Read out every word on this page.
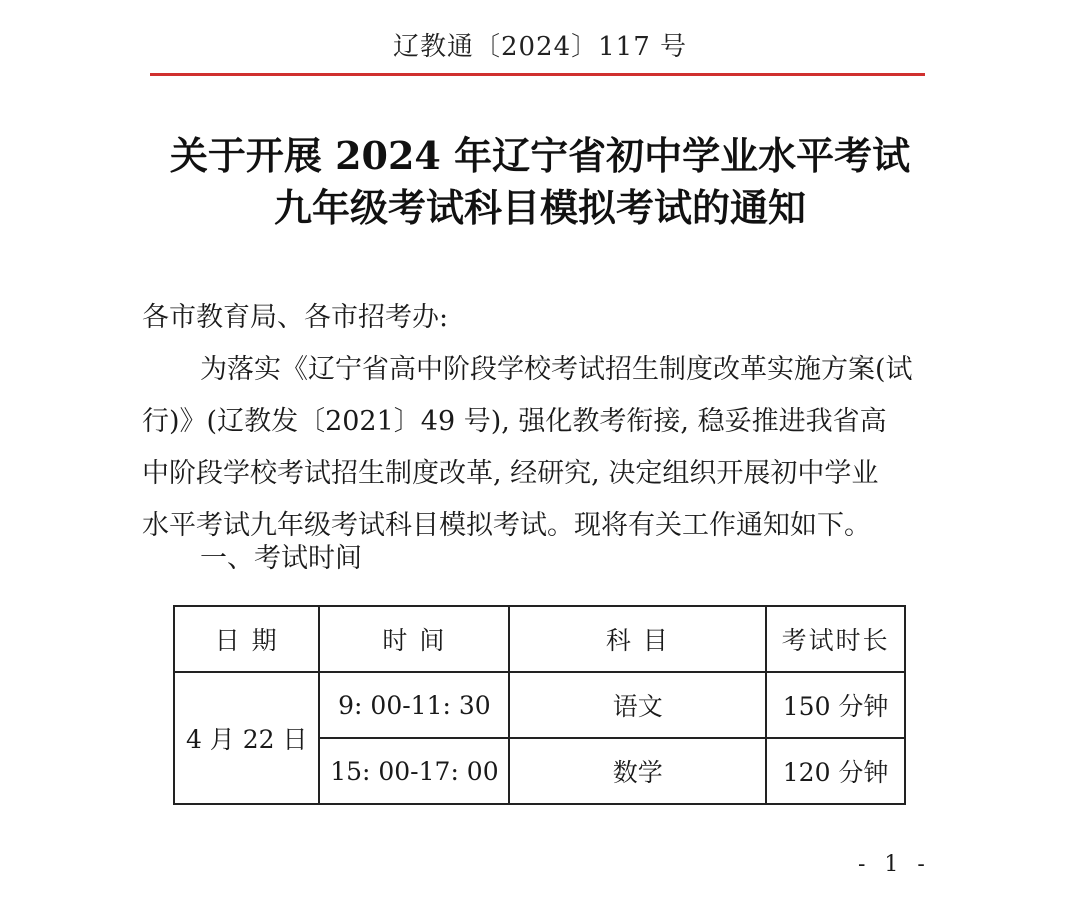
辽教通〔2024〕117 号
关于开展 2024 年辽宁省初中学业水平考试
九年级考试科目模拟考试的通知
各市教育局、各市招考办:
为落实《辽宁省高中阶段学校考试招生制度改革实施方案(试
行)》(辽教发〔2021〕49 号), 强化教考衔接, 稳妥推进我省高
中阶段学校考试招生制度改革, 经研究, 决定组织开展初中学业
水平考试九年级考试科目模拟考试。现将有关工作通知如下。
一、考试时间
日 期	时 间	科 目	考试时长
4 月 22 日	9: 00-11: 30	语文	150 分钟
	15: 00-17: 00	数学	120 分钟
- 1 -
